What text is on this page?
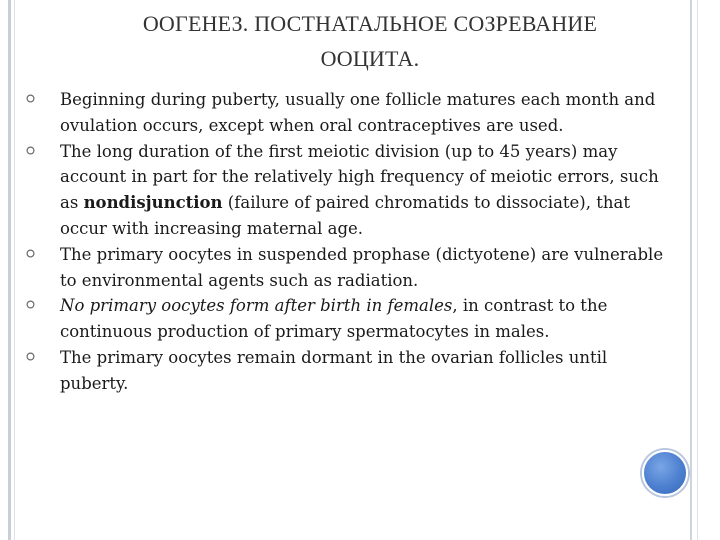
ООГЕНЕЗ. ПОСТНАТАЛЬНОЕ СОЗРЕВАНИЕ
ООЦИТА.
Beginning during puberty, usually one follicle matures each month and ovulation occurs, except when oral contraceptives are used.
The long duration of the first meiotic division (up to 45 years) may account in part for the relatively high frequency of meiotic errors, such as nondisjunction (failure of paired chromatids to dissociate), that occur with increasing maternal age.
The primary oocytes in suspended prophase (dictyotene) are vulnerable to environmental agents such as radiation.
No primary oocytes form after birth in females, in contrast to the continuous production of primary spermatocytes in males.
The primary oocytes remain dormant in the ovarian follicles until puberty.
